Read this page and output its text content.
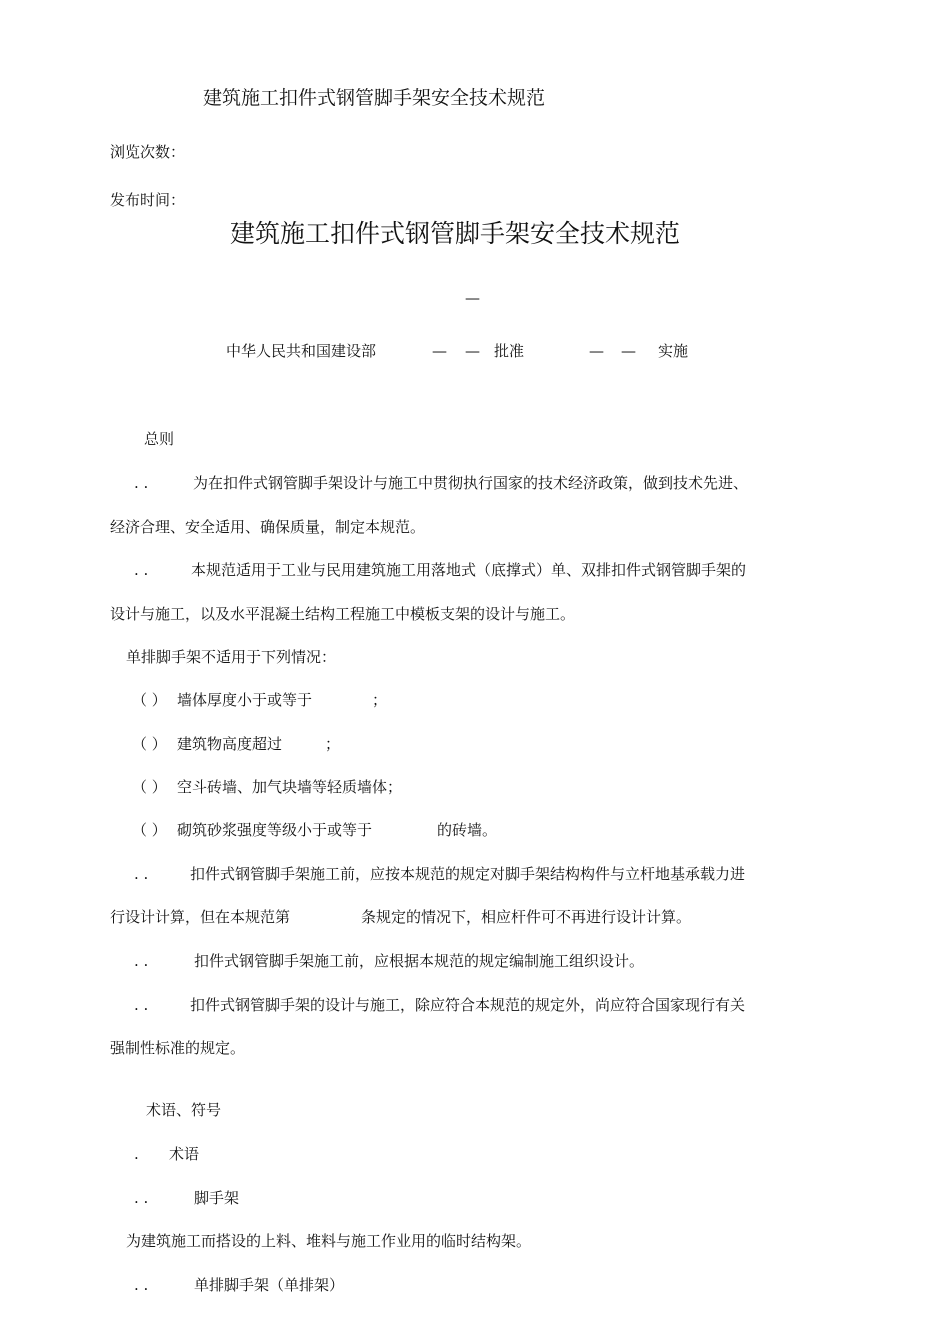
建筑施工扣件式钢管脚手架安全技术规范
浏览次数：
发布时间：
建筑施工扣件式钢管脚手架安全技术规范
—
中华人民共和国建设部	— — 批准	— — 实施
总则
. .	为在扣件式钢管脚手架设计与施工中贯彻执行国家的技术经济政策，做到技术先进、
经济合理、安全适用、确保质量，制定本规范。
. .	本规范适用于工业与民用建筑施工用落地式（底撑式）单、双排扣件式钢管脚手架的
设计与施工，以及水平混凝土结构工程施工中模板支架的设计与施工。
单排脚手架不适用于下列情况：
（ ） 墙体厚度小于或等于	；
（ ） 建筑物高度超过	；
（ ） 空斗砖墙、加气块墙等轻质墙体；
（ ） 砌筑砂浆强度等级小于或等于	的砖墙。
. .	扣件式钢管脚手架施工前，应按本规范的规定对脚手架结构构件与立杆地基承载力进
行设计计算，但在本规范第	条规定的情况下，相应杆件可不再进行设计计算。
. .	扣件式钢管脚手架施工前，应根据本规范的规定编制施工组织设计。
. .	扣件式钢管脚手架的设计与施工，除应符合本规范的规定外，尚应符合国家现行有关
强制性标准的规定。
术语、符号
. 术语
. .	脚手架
为建筑施工而搭设的上料、堆料与施工作业用的临时结构架。
. .	单排脚手架（单排架）
